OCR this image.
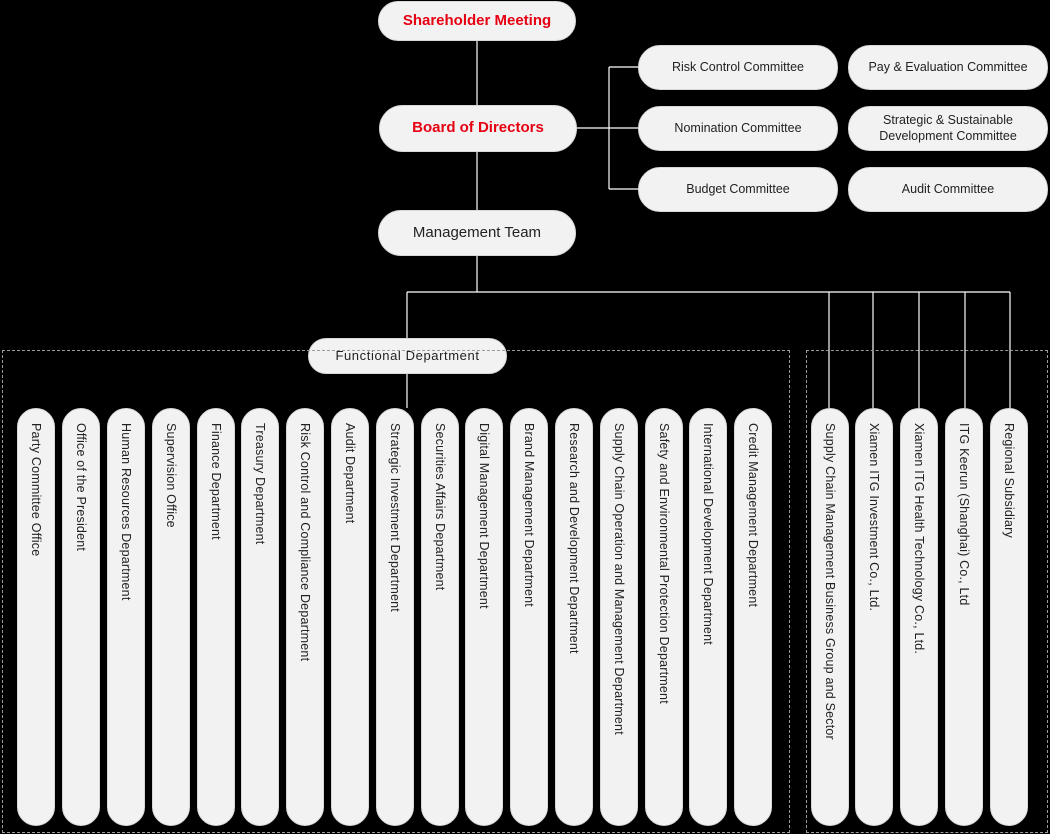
Shareholder Meeting
Board of Directors
Management Team
Risk Control Committee	Pay & Evaluation Committee
Nomination Committee
Strategic & Sustainable Development Committee
Budget Committee	Audit Committee
Functional Department
Party Committee Office Office of the President Human Resources Department Supervision Office Finance Department Treasury Department Risk Control and Compliance Department Audit Department Strategic Investment Department Securities Affairs Department Digital Management Department Brand Management Department Research and Development Department Supply Chain Operation and Management Department Safety and Environmental Protection Department International Development Department Credit Management Department	Supply Chain Management Business Group and Sector Xiamen ITG Investment Co., Ltd. Xiamen ITG Health Technology Co., Ltd. ITG Keerun (Shanghai) Co., Ltd Regional Subsidiary
